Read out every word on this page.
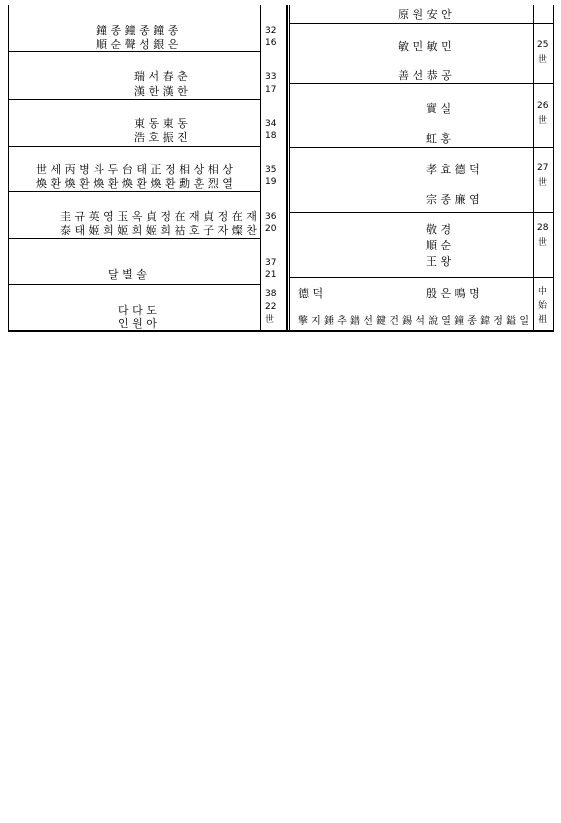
鐘 종 鐘 종 鐘 종
順 순 聲 성 銀 은
32
16
瑞 서 春 춘
漢 한 漢 한
33
17
東 동 東 동
浩 호 振 진
34
18
世 세 丙 병 斗 두 台 태 正 정 相 상 相 상
煥 환 煥 환 煥 환 煥 환 煥 환 勳 훈 烈 열
35
19
圭 규 英 영 玉 옥 貞 정 在 재 貞 정 在 재
泰 태 姬 희 姬 희 姬 희 祜 호 子 자 燦 찬
36
20
달 별 솔
37
21
다 다 도
인 원 아
38
22
世
原 원 安 안
敏 민 敏 민
善 선 恭 공
25
世
實 실
虹 홍
26
世
孝 효 德 덕
宗 종 廉 염
27
世
敬 경
順 순
王 왕
28
世
德 덕	殷 은 鳴 명
擎 지 錘 추 鐠 선 鍵 건 錫 석 說 열 鐘 종 鍏 정 鎰 일
中
始
祖
